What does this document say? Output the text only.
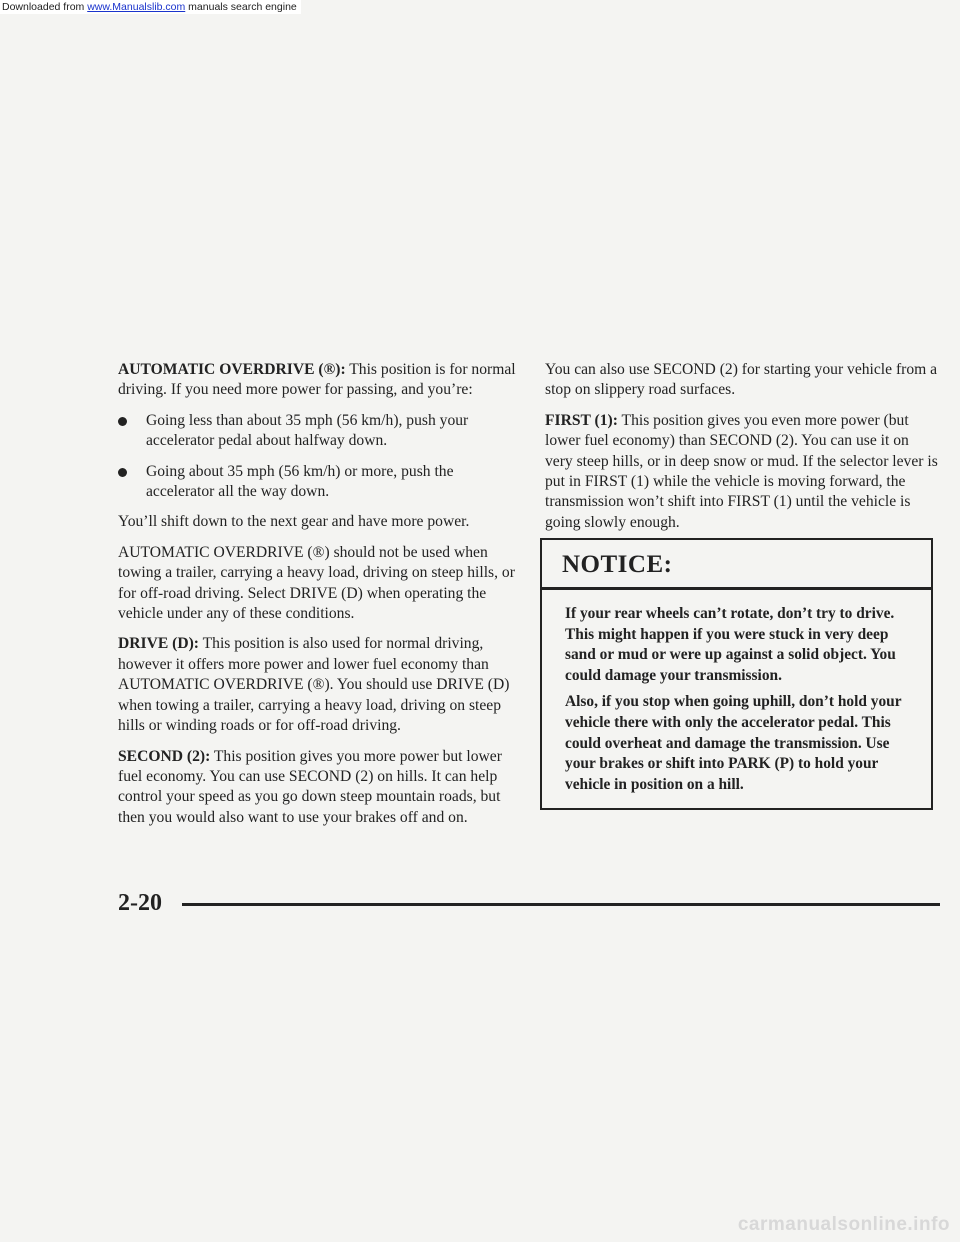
Downloaded from www.Manualslib.com manuals search engine

AUTOMATIC OVERDRIVE (®): This position is for normal driving. If you need more power for passing, and you’re:

Going less than about 35 mph (56 km/h), push your accelerator pedal about halfway down.
Going about 35 mph (56 km/h) or more, push the accelerator all the way down.

You’ll shift down to the next gear and have more power.

AUTOMATIC OVERDRIVE (®) should not be used when towing a trailer, carrying a heavy load, driving on steep hills, or for off-road driving. Select DRIVE (D) when operating the vehicle under any of these conditions.

DRIVE (D): This position is also used for normal driving, however it offers more power and lower fuel economy than AUTOMATIC OVERDRIVE (®). You should use DRIVE (D) when towing a trailer, carrying a heavy load, driving on steep hills or winding roads or for off-road driving.

SECOND (2): This position gives you more power but lower fuel economy. You can use SECOND (2) on hills. It can help control your speed as you go down steep mountain roads, but then you would also want to use your brakes off and on.

You can also use SECOND (2) for starting your vehicle from a stop on slippery road surfaces.

FIRST (1): This position gives you even more power (but lower fuel economy) than SECOND (2). You can use it on very steep hills, or in deep snow or mud. If the selector lever is put in FIRST (1) while the vehicle is moving forward, the transmission won’t shift into FIRST (1) until the vehicle is going slowly enough.

NOTICE:

If your rear wheels can’t rotate, don’t try to drive. This might happen if you were stuck in very deep sand or mud or were up against a solid object. You could damage your transmission.

Also, if you stop when going uphill, don’t hold your vehicle there with only the accelerator pedal. This could overheat and damage the transmission. Use your brakes or shift into PARK (P) to hold your vehicle in position on a hill.

2-20
carmanualsonline.info
